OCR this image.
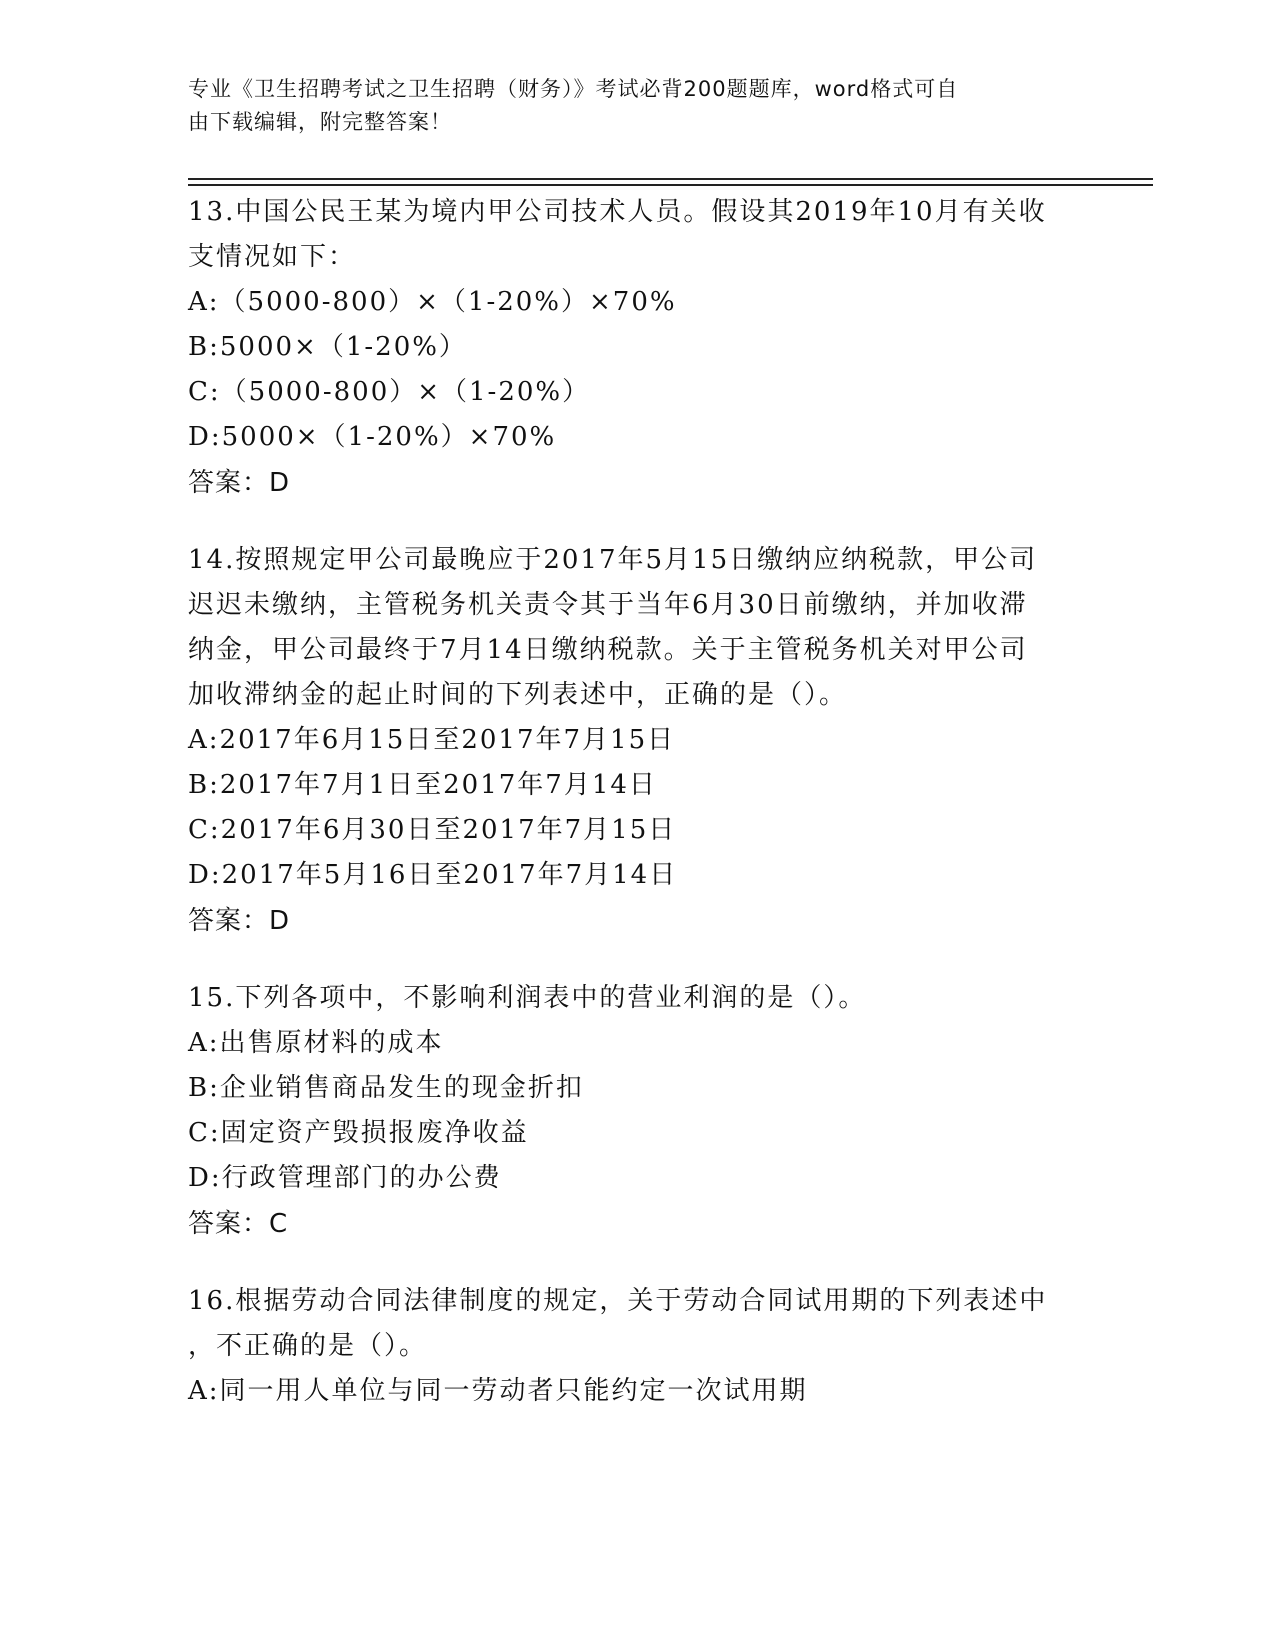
专业《卫生招聘考试之卫生招聘（财务）》考试必背200题题库，word格式可自
由下载编辑，附完整答案！
13.中国公民王某为境内甲公司技术人员。假设其2019年10月有关收
支情况如下：
A:（5000-800）×（1-20%）×70%
B:5000×（1-20%）
C:（5000-800）×（1-20%）
D:5000×（1-20%）×70%
答案：D
14.按照规定甲公司最晚应于2017年5月15日缴纳应纳税款，甲公司
迟迟未缴纳，主管税务机关责令其于当年6月30日前缴纳，并加收滞
纳金，甲公司最终于7月14日缴纳税款。关于主管税务机关对甲公司
加收滞纳金的起止时间的下列表述中，正确的是（）。
A:2017年6月15日至2017年7月15日
B:2017年7月1日至2017年7月14日
C:2017年6月30日至2017年7月15日
D:2017年5月16日至2017年7月14日
答案：D
15.下列各项中，不影响利润表中的营业利润的是（）。
A:出售原材料的成本
B:企业销售商品发生的现金折扣
C:固定资产毁损报废净收益
D:行政管理部门的办公费
答案：C
16.根据劳动合同法律制度的规定，关于劳动合同试用期的下列表述中
，不正确的是（）。
A:同一用人单位与同一劳动者只能约定一次试用期
